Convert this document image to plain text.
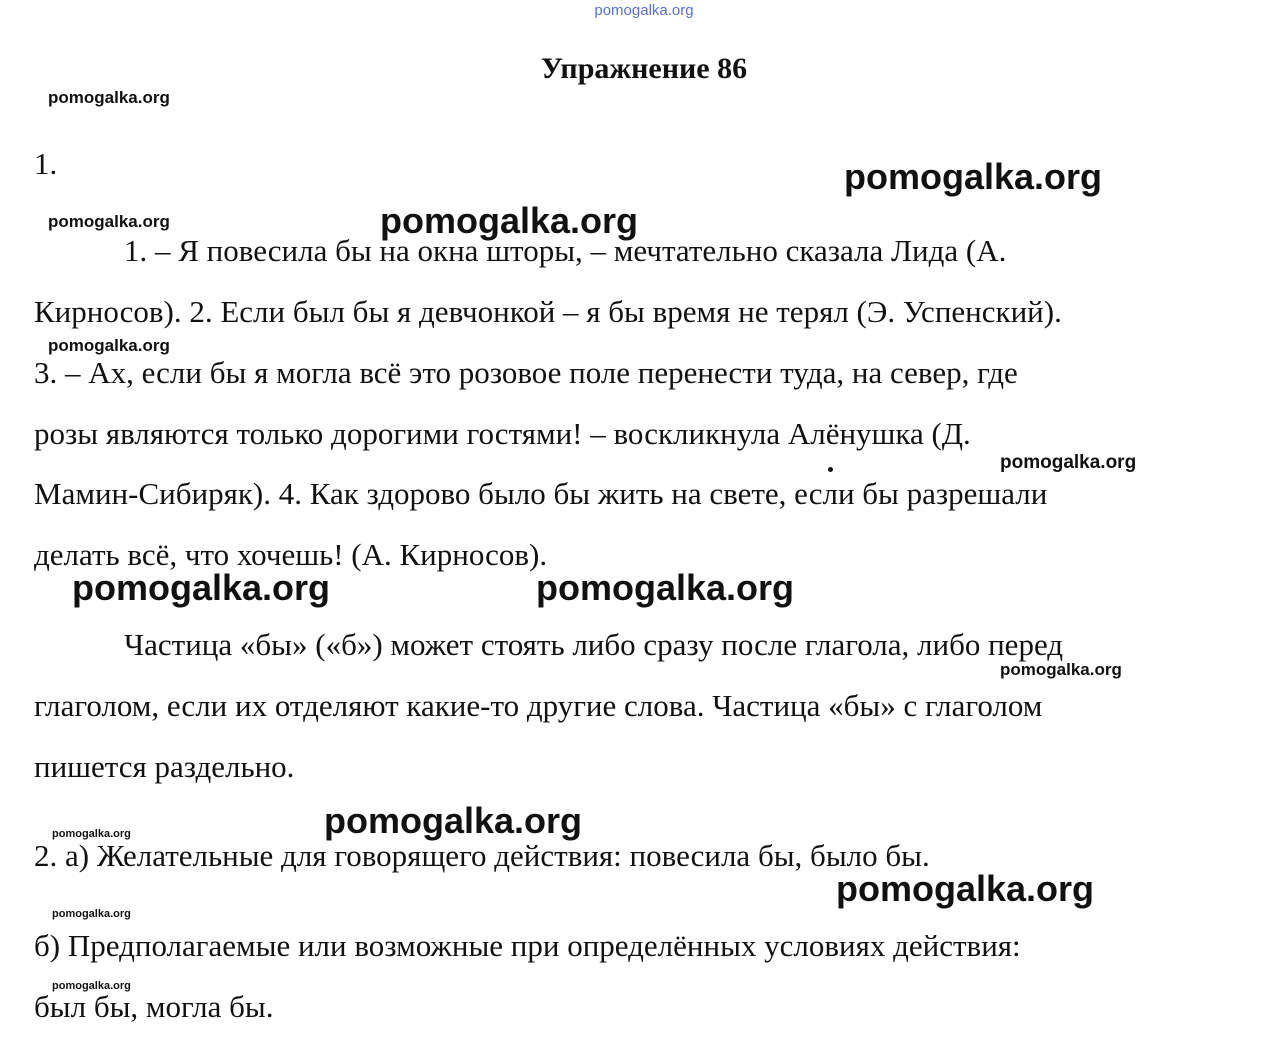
pomogalka.org
Упражнение 86
1.
1. – Я повесила бы на окна шторы, – мечтательно сказала Лида (А.
Кирносов). 2. Если был бы я девчонкой – я бы время не терял (Э. Успенский).
3. – Ах, если бы я могла всё это розовое поле перенести туда, на север, где
розы являются только дорогими гостями! – воскликнула Алёнушка (Д.
Мамин-Сибиряк). 4. Как здорово было бы жить на свете, если бы разрешали
делать всё, что хочешь! (А. Кирносов).
Частица «бы» («б») может стоять либо сразу после глагола, либо перед
глаголом, если их отделяют какие-то другие слова. Частица «бы» с глаголом
пишется раздельно.
2. а) Желательные для говорящего действия: повесила бы, было бы.
б) Предполагаемые или возможные при определённых условиях действия:
был бы, могла бы.
pomogalka.org
pomogalka.org
pomogalka.org	pomogalka.org
pomogalka.org
pomogalka.org
pomogalka.org	pomogalka.org
pomogalka.org
pomogalka.org
pomogalka.org
pomogalka.org
pomogalka.org
pomogalka.org
